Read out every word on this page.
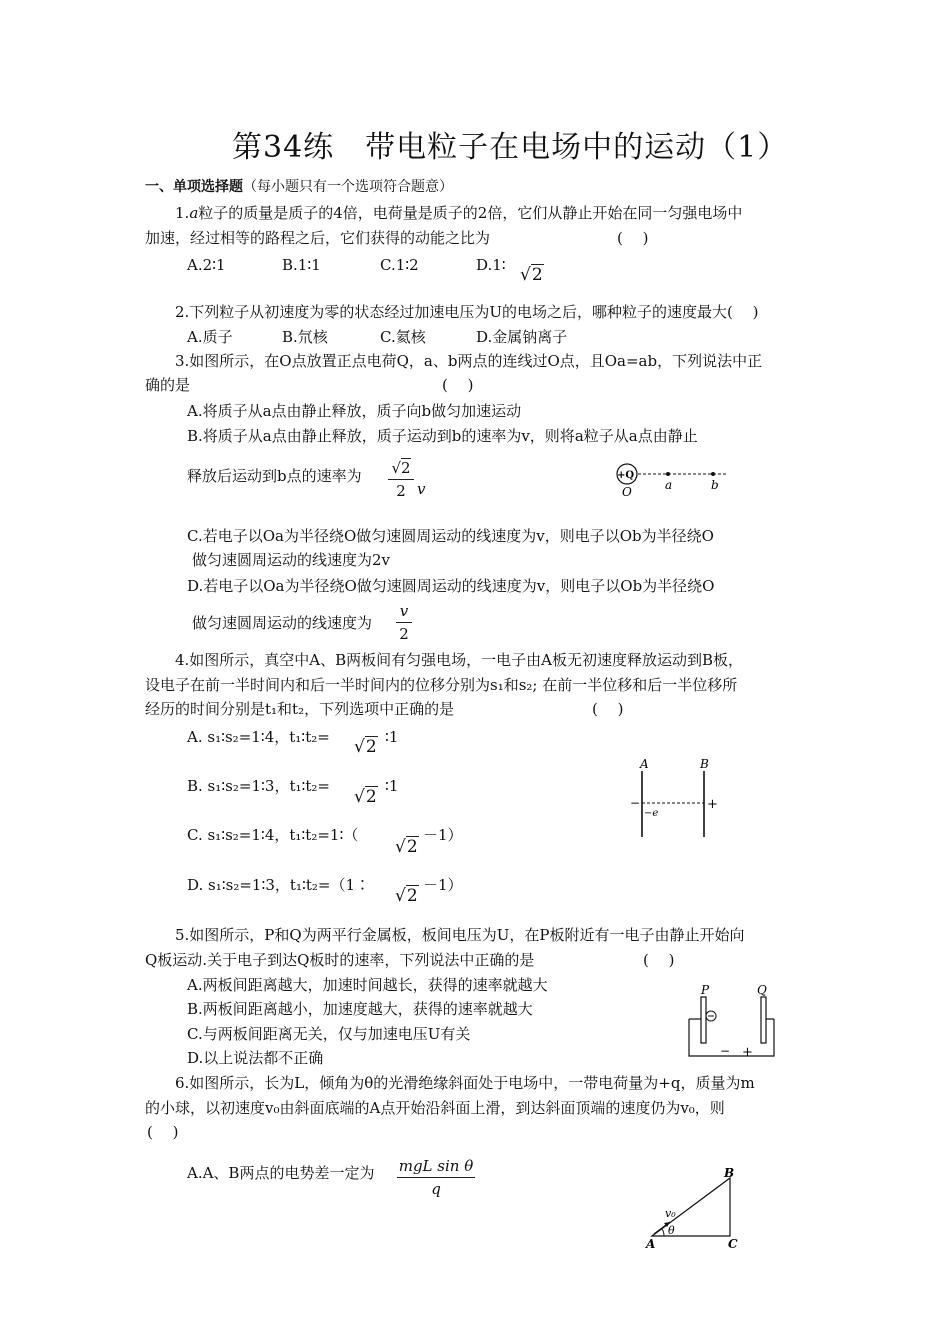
第34练　带电粒子在电场中的运动（1）
一、单项选择题（每小题只有一个选项符合题意）
1.a粒子的质量是质子的4倍，电荷量是质子的2倍，它们从静止开始在同一匀强电场中
加速，经过相等的路程之后，它们获得的动能之比为	(　 )
A.2∶1	B.1∶1	C.1∶2	D.1∶ √2
2.下列粒子从初速度为零的状态经过加速电压为U的电场之后，哪种粒子的速度最大(　 )
A.质子	B.氘核	C.氦核	D.金属钠离子
3.如图所示，在O点放置正点电荷Q，a、b两点的连线过O点，且Oa=ab，下列说法中正
确的是	(　 )
A.将质子从a点由静止释放，质子向b做匀加速运动
B.将质子从a点由静止释放，质子运动到b的速率为v，则将a粒子从a点由静止
释放后运动到b点的速率为 √2
2 v
+Q
O	a	b
C.若电子以Oa为半径绕O做匀速圆周运动的线速度为v，则电子以Ob为半径绕O
做匀速圆周运动的线速度为2v
D.若电子以Oa为半径绕O做匀速圆周运动的线速度为v，则电子以Ob为半径绕O
做匀速圆周运动的线速度为
v
2
4.如图所示，真空中A、B两板间有匀强电场，一电子由A板无初速度释放运动到B板，
设电子在前一半时间内和后一半时间内的位移分别为s₁和s₂; 在前一半位移和后一半位移所
经历的时间分别是t₁和t₂，下列选项中正确的是	(　 )
A. s₁∶s₂=1∶4，t₁∶t₂= √2 ∶1
B. s₁∶s₂=1∶3，t₁∶t₂=
√2
∶1
C. s₁∶s₂=1∶4，t₁∶t₂=1∶（
√2
－1）
D. s₁∶s₂=1∶3，t₁∶t₂=（1∶
√2
－1）
A	B
−	+
−e
5.如图所示，P和Q为两平行金属板，板间电压为U，在P板附近有一电子由静止开始向
Q板运动.关于电子到达Q板时的速率，下列说法中正确的是	(　 )
A.两板间距离越大，加速时间越长，获得的速率就越大
B.两板间距离越小，加速度越大，获得的速率就越大
C.与两板间距离无关，仅与加速电压U有关
D.以上说法都不正确
P	Q
− +
6.如图所示，长为L，倾角为θ的光滑绝缘斜面处于电场中，一带电荷量为+q，质量为m
的小球，以初速度v₀由斜面底端的A点开始沿斜面上滑，到达斜面顶端的速度仍为v₀，则
(　 )
A.A、B两点的电势差一定为 mgL sin θ
q
A
B
C
v₀
θ
